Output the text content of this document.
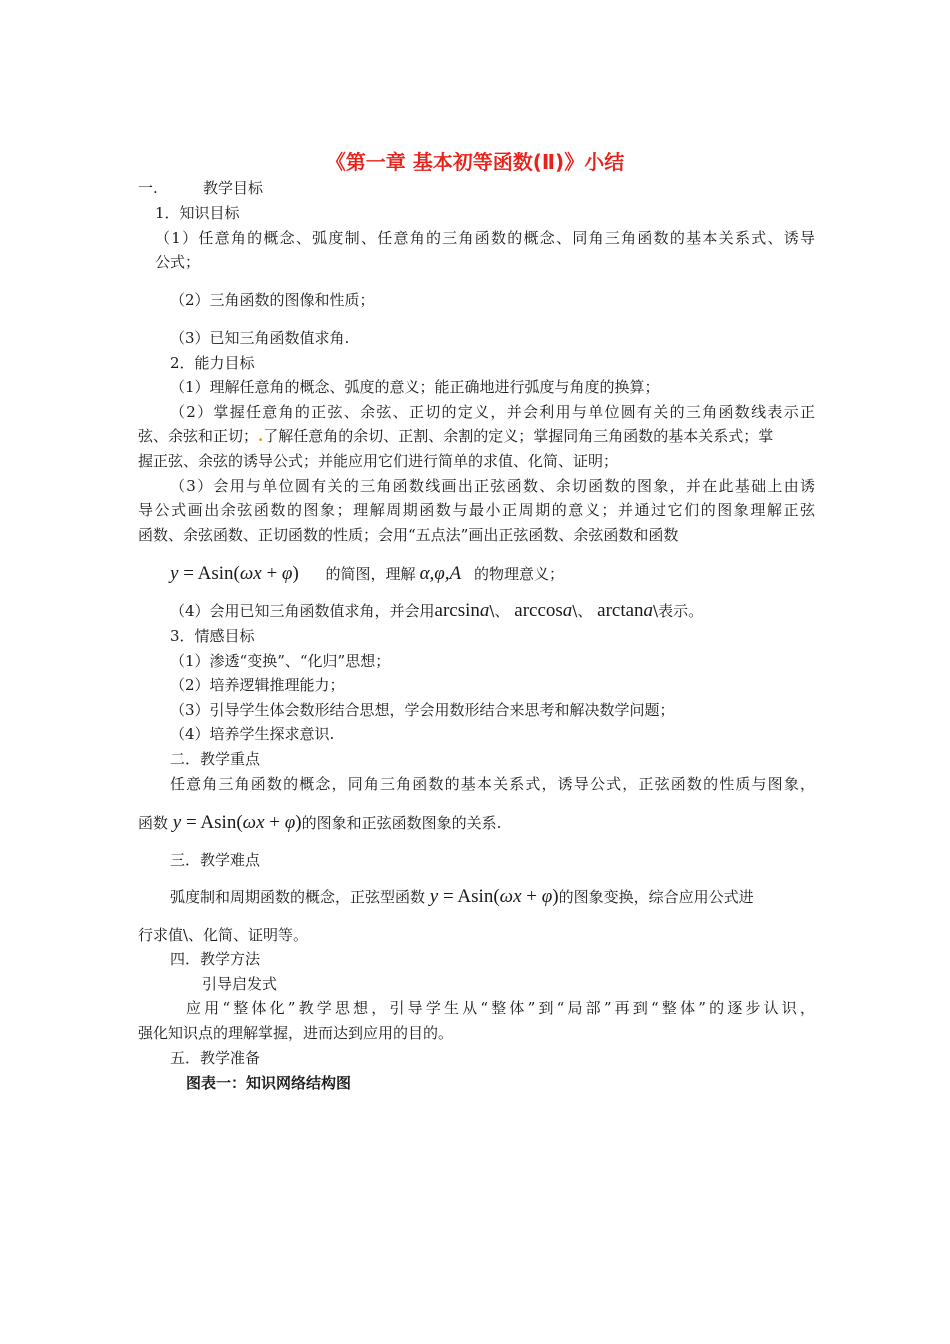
《第一章 基本初等函数(Ⅱ)》小结
一.	教学目标
1．知识目标
（1）任意角的概念、弧度制、任意角的三角函数的概念、同角三角函数的基本关系式、诱导
公式；
（2）三角函数的图像和性质；
（3）已知三角函数值求角.
2．能力目标
（1）理解任意角的概念、弧度的意义；能正确地进行弧度与角度的换算；
（2）掌握任意角的正弦、余弦、正切的定义，并会利用与单位圆有关的三角函数线表示正
弦、余弦和正切；.了解任意角的余切、正割、余割的定义；掌握同角三角函数的基本关系式；掌
握正弦、余弦的诱导公式；并能应用它们进行简单的求值、化简、证明；
（3）会用与单位圆有关的三角函数线画出正弦函数、余切函数的图象，并在此基础上由诱
导公式画出余弦函数的图象；理解周期函数与最小正周期的意义；并通过它们的图象理解正弦
函数、余弦函数、正切函数的性质；会用“五点法”画出正弦函数、余弦函数和函数
y = Asin(ωx + φ) 的简图，理解 α,φ,A 的物理意义；
（4）会用已知三角函数值求角，并会用arcsina\、 arccosa\、 arctana\表示。
3．情感目标
（1）渗透“变换”、“化归”思想；
（2）培养逻辑推理能力；
（3）引导学生体会数形结合思想，学会用数形结合来思考和解决数学问题；
（4）培养学生探求意识.
二．教学重点
任意角三角函数的概念，同角三角函数的基本关系式，诱导公式，正弦函数的性质与图象，
函数 y = Asin(ωx + φ)的图象和正弦函数图象的关系.
三．教学难点
弧度制和周期函数的概念，正弦型函数 y = Asin(ωx + φ)的图象变换，综合应用公式进
行求值\、化简、证明等。
四．教学方法
引导启发式
应用“整体化”教学思想，引导学生从“整体”到“局部”再到“整体”的逐步认识，
强化知识点的理解掌握，进而达到应用的目的。
五．教学准备
图表一：知识网络结构图
